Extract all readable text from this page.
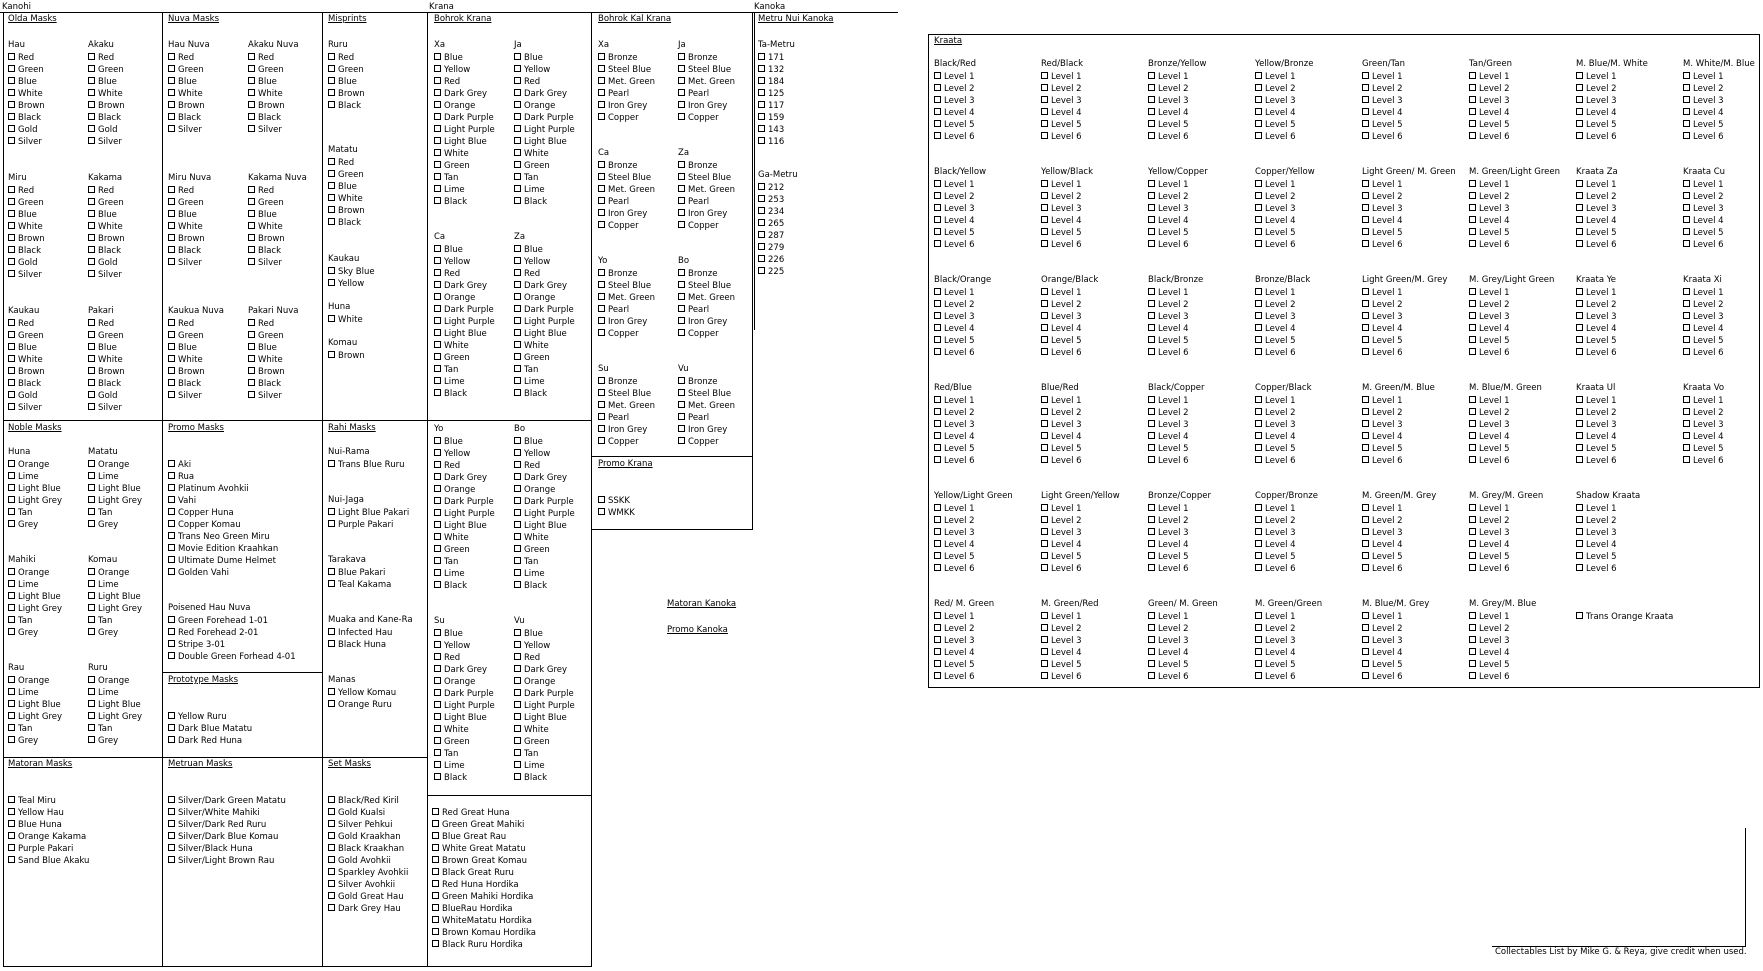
Kanohi	Krana	Kanoka
Olda Masks
Hau
Red
Green
Blue
White
Brown
Black
Gold
Silver
Akaku
Red
Green
Blue
White
Brown
Black
Gold
Silver
Miru
Red
Green
Blue
White
Brown
Black
Gold
Silver
Kakama
Red
Green
Blue
White
Brown
Black
Gold
Silver
Kaukau
Red
Green
Blue
White
Brown
Black
Gold
Silver
Pakari
Red
Green
Blue
White
Brown
Black
Gold
Silver
Nuva Masks
Hau Nuva
Red
Green
Blue
White
Brown
Black
Silver
Akaku Nuva
Red
Green
Blue
White
Brown
Black
Silver
Miru Nuva
Red
Green
Blue
White
Brown
Black
Silver
Kakama Nuva
Red
Green
Blue
White
Brown
Black
Silver
Kaukua Nuva
Red
Green
Blue
White
Brown
Black
Silver
Pakari Nuva
Red
Green
Blue
White
Brown
Black
Silver
Misprints
Ruru
Red
Green
Blue
Brown
Black
Matatu
Red
Green
Blue
White
Brown
Black
Kaukau
Sky Blue
Yellow
Huna
White
Komau
Brown
Noble Masks
Huna
Orange
Lime
Light Blue
Light Grey
Tan
Grey
Matatu
Orange
Lime
Light Blue
Light Grey
Tan
Grey
Mahiki
Orange
Lime
Light Blue
Light Grey
Tan
Grey
Komau
Orange
Lime
Light Blue
Light Grey
Tan
Grey
Rau
Orange
Lime
Light Blue
Light Grey
Tan
Grey
Ruru
Orange
Lime
Light Blue
Light Grey
Tan
Grey
Promo Masks
Aki
Rua
Platinum Avohkii
Vahi
Copper Huna
Copper Komau
Trans Neo Green Miru
Movie Edition Kraahkan
Ultimate Dume Helmet
Golden Vahi
Poisened Hau Nuva
Green Forehead 1-01
Red Forehead 2-01
Stripe 3-01
Double Green Forhead 4-01
Prototype Masks
Yellow Ruru
Dark Blue Matatu
Dark Red Huna
Rahi Masks
Nui-Rama
Trans Blue Ruru
Nui-Jaga
Light Blue Pakari
Purple Pakari
Tarakava
Blue Pakari
Teal Kakama
Muaka and Kane-Ra
Infected Hau
Black Huna
Manas
Yellow Komau
Orange Ruru
Matoran Masks
Teal Miru
Yellow Hau
Blue Huna
Orange Kakama
Purple Pakari
Sand Blue Akaku
Metruan Masks
Silver/Dark Green Matatu
Silver/White Mahiki
Silver/Dark Red Ruru
Silver/Dark Blue Komau
Silver/Black Huna
Silver/Light Brown Rau
Set Masks
Black/Red Kiril
Gold Kualsi
Silver Pehkui
Gold Kraakhan
Black Kraakhan
Gold Avohkii
Sparkley Avohkii
Silver Avohkii
Gold Great Hau
Dark Grey Hau
Red Great Huna
Green Great Mahiki
Blue Great Rau
White Great Matatu
Brown Great Komau
Black Great Ruru
Red Huna Hordika
Green Mahiki Hordika
BlueRau Hordika
WhiteMatatu Hordika
Brown Komau Hordika
Black Ruru Hordika
Bohrok Krana
Xa
Blue
Yellow
Red
Dark Grey
Orange
Dark Purple
Light Purple
Light Blue
White
Green
Tan
Lime
Black
Ja
Blue
Yellow
Red
Dark Grey
Orange
Dark Purple
Light Purple
Light Blue
White
Green
Tan
Lime
Black
Ca
Blue
Yellow
Red
Dark Grey
Orange
Dark Purple
Light Purple
Light Blue
White
Green
Tan
Lime
Black
Za
Blue
Yellow
Red
Dark Grey
Orange
Dark Purple
Light Purple
Light Blue
White
Green
Tan
Lime
Black
Yo
Blue
Yellow
Red
Dark Grey
Orange
Dark Purple
Light Purple
Light Blue
White
Green
Tan
Lime
Black
Bo
Blue
Yellow
Red
Dark Grey
Orange
Dark Purple
Light Purple
Light Blue
White
Green
Tan
Lime
Black
Su
Blue
Yellow
Red
Dark Grey
Orange
Dark Purple
Light Purple
Light Blue
White
Green
Tan
Lime
Black
Vu
Blue
Yellow
Red
Dark Grey
Orange
Dark Purple
Light Purple
Light Blue
White
Green
Tan
Lime
Black
Bohrok Kal Krana
Xa
Bronze
Steel Blue
Met. Green
Pearl
Iron Grey
Copper
Ja
Bronze
Steel Blue
Met. Green
Pearl
Iron Grey
Copper
Ca
Bronze
Steel Blue
Met. Green
Pearl
Iron Grey
Copper
Za
Bronze
Steel Blue
Met. Green
Pearl
Iron Grey
Copper
Yo
Bronze
Steel Blue
Met. Green
Pearl
Iron Grey
Copper
Bo
Bronze
Steel Blue
Met. Green
Pearl
Iron Grey
Copper
Su
Bronze
Steel Blue
Met. Green
Pearl
Iron Grey
Copper
Vu
Bronze
Steel Blue
Met. Green
Pearl
Iron Grey
Copper
Promo Krana
SSKK
WMKK
Metru Nui Kanoka
Ta-Metru
171
132
184
125
117
159
143
116
Ga-Metru
212
253
234
265
287
279
226
225
Matoran Kanoka
Promo Kanoka
Kraata
Black/Red
Level 1
Level 2
Level 3
Level 4
Level 5
Level 6
Red/Black
Level 1
Level 2
Level 3
Level 4
Level 5
Level 6
Bronze/Yellow
Level 1
Level 2
Level 3
Level 4
Level 5
Level 6
Yellow/Bronze
Level 1
Level 2
Level 3
Level 4
Level 5
Level 6
Green/Tan
Level 1
Level 2
Level 3
Level 4
Level 5
Level 6
Tan/Green
Level 1
Level 2
Level 3
Level 4
Level 5
Level 6
M. Blue/M. White
Level 1
Level 2
Level 3
Level 4
Level 5
Level 6
M. White/M. Blue
Level 1
Level 2
Level 3
Level 4
Level 5
Level 6
Black/Yellow
Level 1
Level 2
Level 3
Level 4
Level 5
Level 6
Yellow/Black
Level 1
Level 2
Level 3
Level 4
Level 5
Level 6
Yellow/Copper
Level 1
Level 2
Level 3
Level 4
Level 5
Level 6
Copper/Yellow
Level 1
Level 2
Level 3
Level 4
Level 5
Level 6
Light Green/ M. Green
Level 1
Level 2
Level 3
Level 4
Level 5
Level 6
M. Green/Light Green
Level 1
Level 2
Level 3
Level 4
Level 5
Level 6
Kraata Za
Level 1
Level 2
Level 3
Level 4
Level 5
Level 6
Kraata Cu
Level 1
Level 2
Level 3
Level 4
Level 5
Level 6
Black/Orange
Level 1
Level 2
Level 3
Level 4
Level 5
Level 6
Orange/Black
Level 1
Level 2
Level 3
Level 4
Level 5
Level 6
Black/Bronze
Level 1
Level 2
Level 3
Level 4
Level 5
Level 6
Bronze/Black
Level 1
Level 2
Level 3
Level 4
Level 5
Level 6
Light Green/M. Grey
Level 1
Level 2
Level 3
Level 4
Level 5
Level 6
M. Grey/Light Green
Level 1
Level 2
Level 3
Level 4
Level 5
Level 6
Kraata Ye
Level 1
Level 2
Level 3
Level 4
Level 5
Level 6
Kraata Xi
Level 1
Level 2
Level 3
Level 4
Level 5
Level 6
Red/Blue
Level 1
Level 2
Level 3
Level 4
Level 5
Level 6
Blue/Red
Level 1
Level 2
Level 3
Level 4
Level 5
Level 6
Black/Copper
Level 1
Level 2
Level 3
Level 4
Level 5
Level 6
Copper/Black
Level 1
Level 2
Level 3
Level 4
Level 5
Level 6
M. Green/M. Blue
Level 1
Level 2
Level 3
Level 4
Level 5
Level 6
M. Blue/M. Green
Level 1
Level 2
Level 3
Level 4
Level 5
Level 6
Kraata Ul
Level 1
Level 2
Level 3
Level 4
Level 5
Level 6
Kraata Vo
Level 1
Level 2
Level 3
Level 4
Level 5
Level 6
Yellow/Light Green
Level 1
Level 2
Level 3
Level 4
Level 5
Level 6
Light Green/Yellow
Level 1
Level 2
Level 3
Level 4
Level 5
Level 6
Bronze/Copper
Level 1
Level 2
Level 3
Level 4
Level 5
Level 6
Copper/Bronze
Level 1
Level 2
Level 3
Level 4
Level 5
Level 6
M. Green/M. Grey
Level 1
Level 2
Level 3
Level 4
Level 5
Level 6
M. Grey/M. Green
Level 1
Level 2
Level 3
Level 4
Level 5
Level 6
Shadow Kraata
Level 1
Level 2
Level 3
Level 4
Level 5
Level 6
Red/ M. Green
Level 1
Level 2
Level 3
Level 4
Level 5
Level 6
M. Green/Red
Level 1
Level 2
Level 3
Level 4
Level 5
Level 6
Green/ M. Green
Level 1
Level 2
Level 3
Level 4
Level 5
Level 6
M. Green/Green
Level 1
Level 2
Level 3
Level 4
Level 5
Level 6
M. Blue/M. Grey
Level 1
Level 2
Level 3
Level 4
Level 5
Level 6
M. Grey/M. Blue
Level 1
Level 2
Level 3
Level 4
Level 5
Level 6
Trans Orange Kraata
Collectables List by Mike G. & Reya, give credit when used.
